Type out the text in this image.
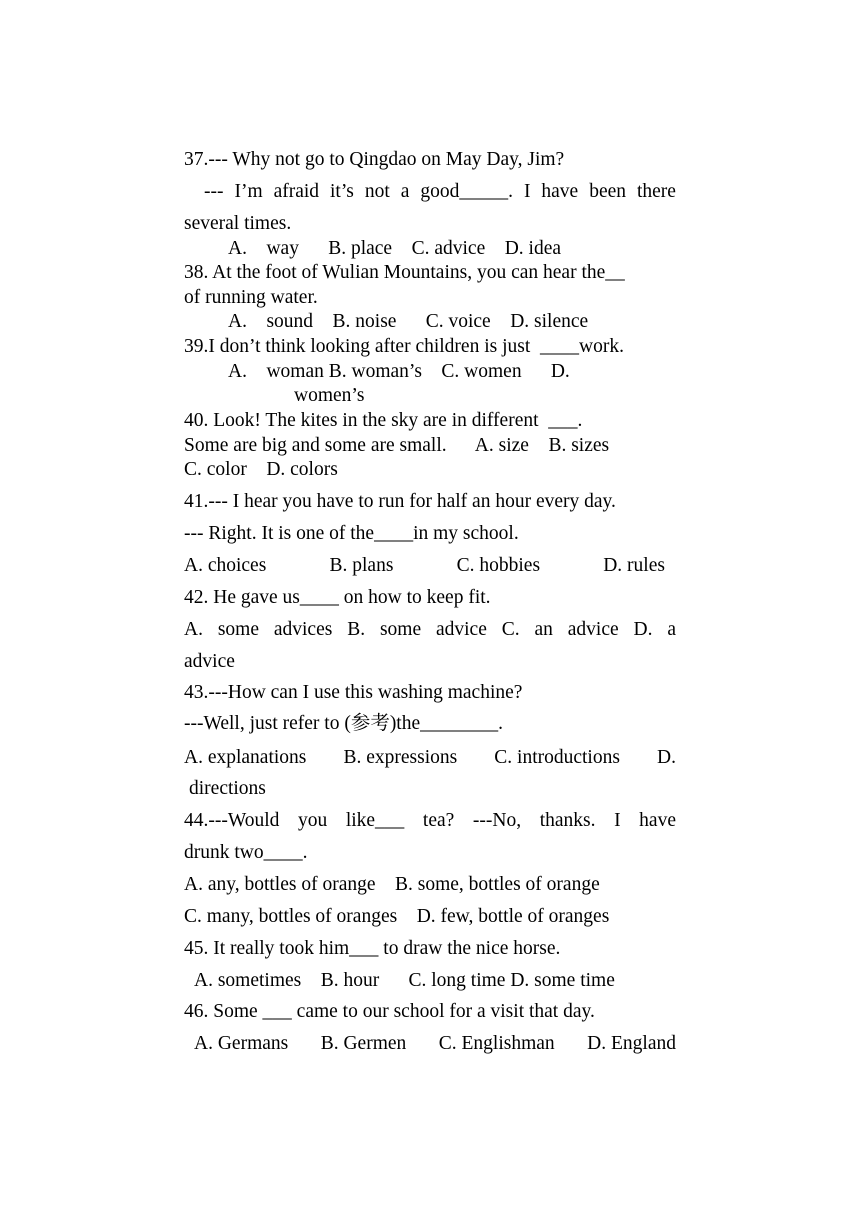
37.--- Why not go to Qingdao on May Day, Jim?
--- I’m afraid it’s not a good_____. I have been there
several times.
A.    way      B. place    C. advice    D. idea
38. At the foot of Wulian Mountains, you can hear the__
of running water.
A.    sound    B. noise      C. voice    D. silence
39.I don’t think looking after children is just  ____work.
A.    woman B. woman’s    C. women      D.
women’s
40. Look! The kites in the sky are in different  ___.
Some are big and some are small.      A. size    B. sizes
C. color    D. colors
41.--- I hear you have to run for half an hour every day.
--- Right. It is one of the____in my school.
A. choices	B. plans	C. hobbies	D. rules
42. He gave us____ on how to keep fit.
A. some advices B. some advice C. an advice D. a
advice
43.---How can I use this washing machine?
---Well, just refer to (参考)the________.
A. explanations B. expressions C. introductions D.
directions
44.---Would you like___ tea? ---No, thanks. I have
drunk two____.
A. any, bottles of orange    B. some, bottles of orange
C. many, bottles of oranges    D. few, bottle of oranges
45. It really took him___ to draw the nice horse.
A. sometimes    B. hour      C. long time D. some time
46. Some ___ came to our school for a visit that day.
A. Germans B. Germen C. Englishman D. England
